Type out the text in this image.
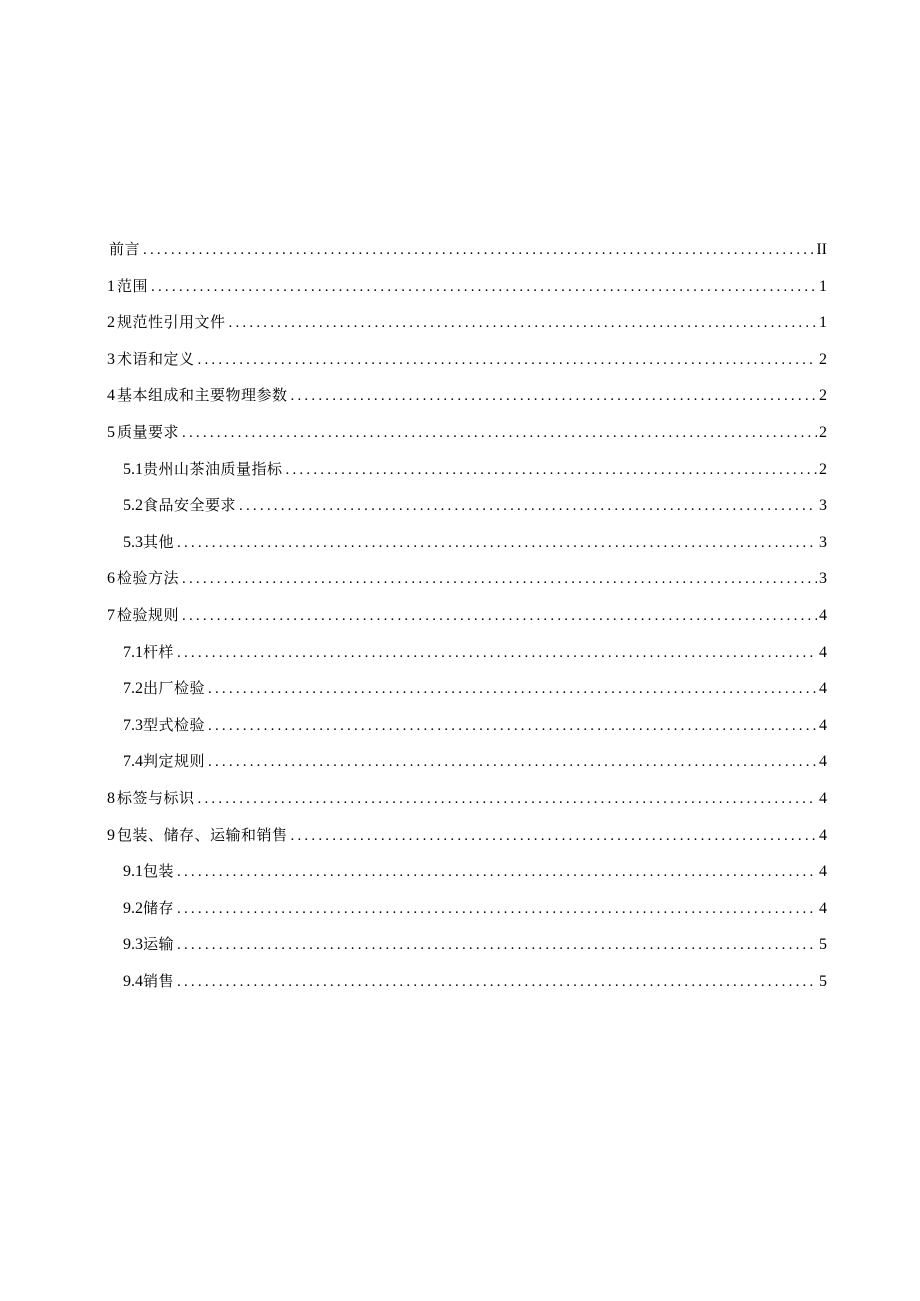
前言 .....	II
1 范围 .....	1
2 规范性引用文件 .....	1
3 术语和定义 .....	2
4 基本组成和主要物理参数 .....	2
5 质量要求 .....	2
5.1 贵州山茶油质量指标 .....	2
5.2 食品安全要求 .....	3
5.3 其他 .....	3
6 检验方法 .....	3
7 检验规则 .....	4
7.1 杆样 .....	4
7.2 出厂检验 .....	4
7.3 型式检验 .....	4
7.4 判定规则 .....	4
8 标签与标识 .....	4
9 包装、储存、运输和销售 .....	4
9.1 包装 .....	4
9.2 储存 .....	4
9.3 运输 .....	5
9.4 销售 .....	5
